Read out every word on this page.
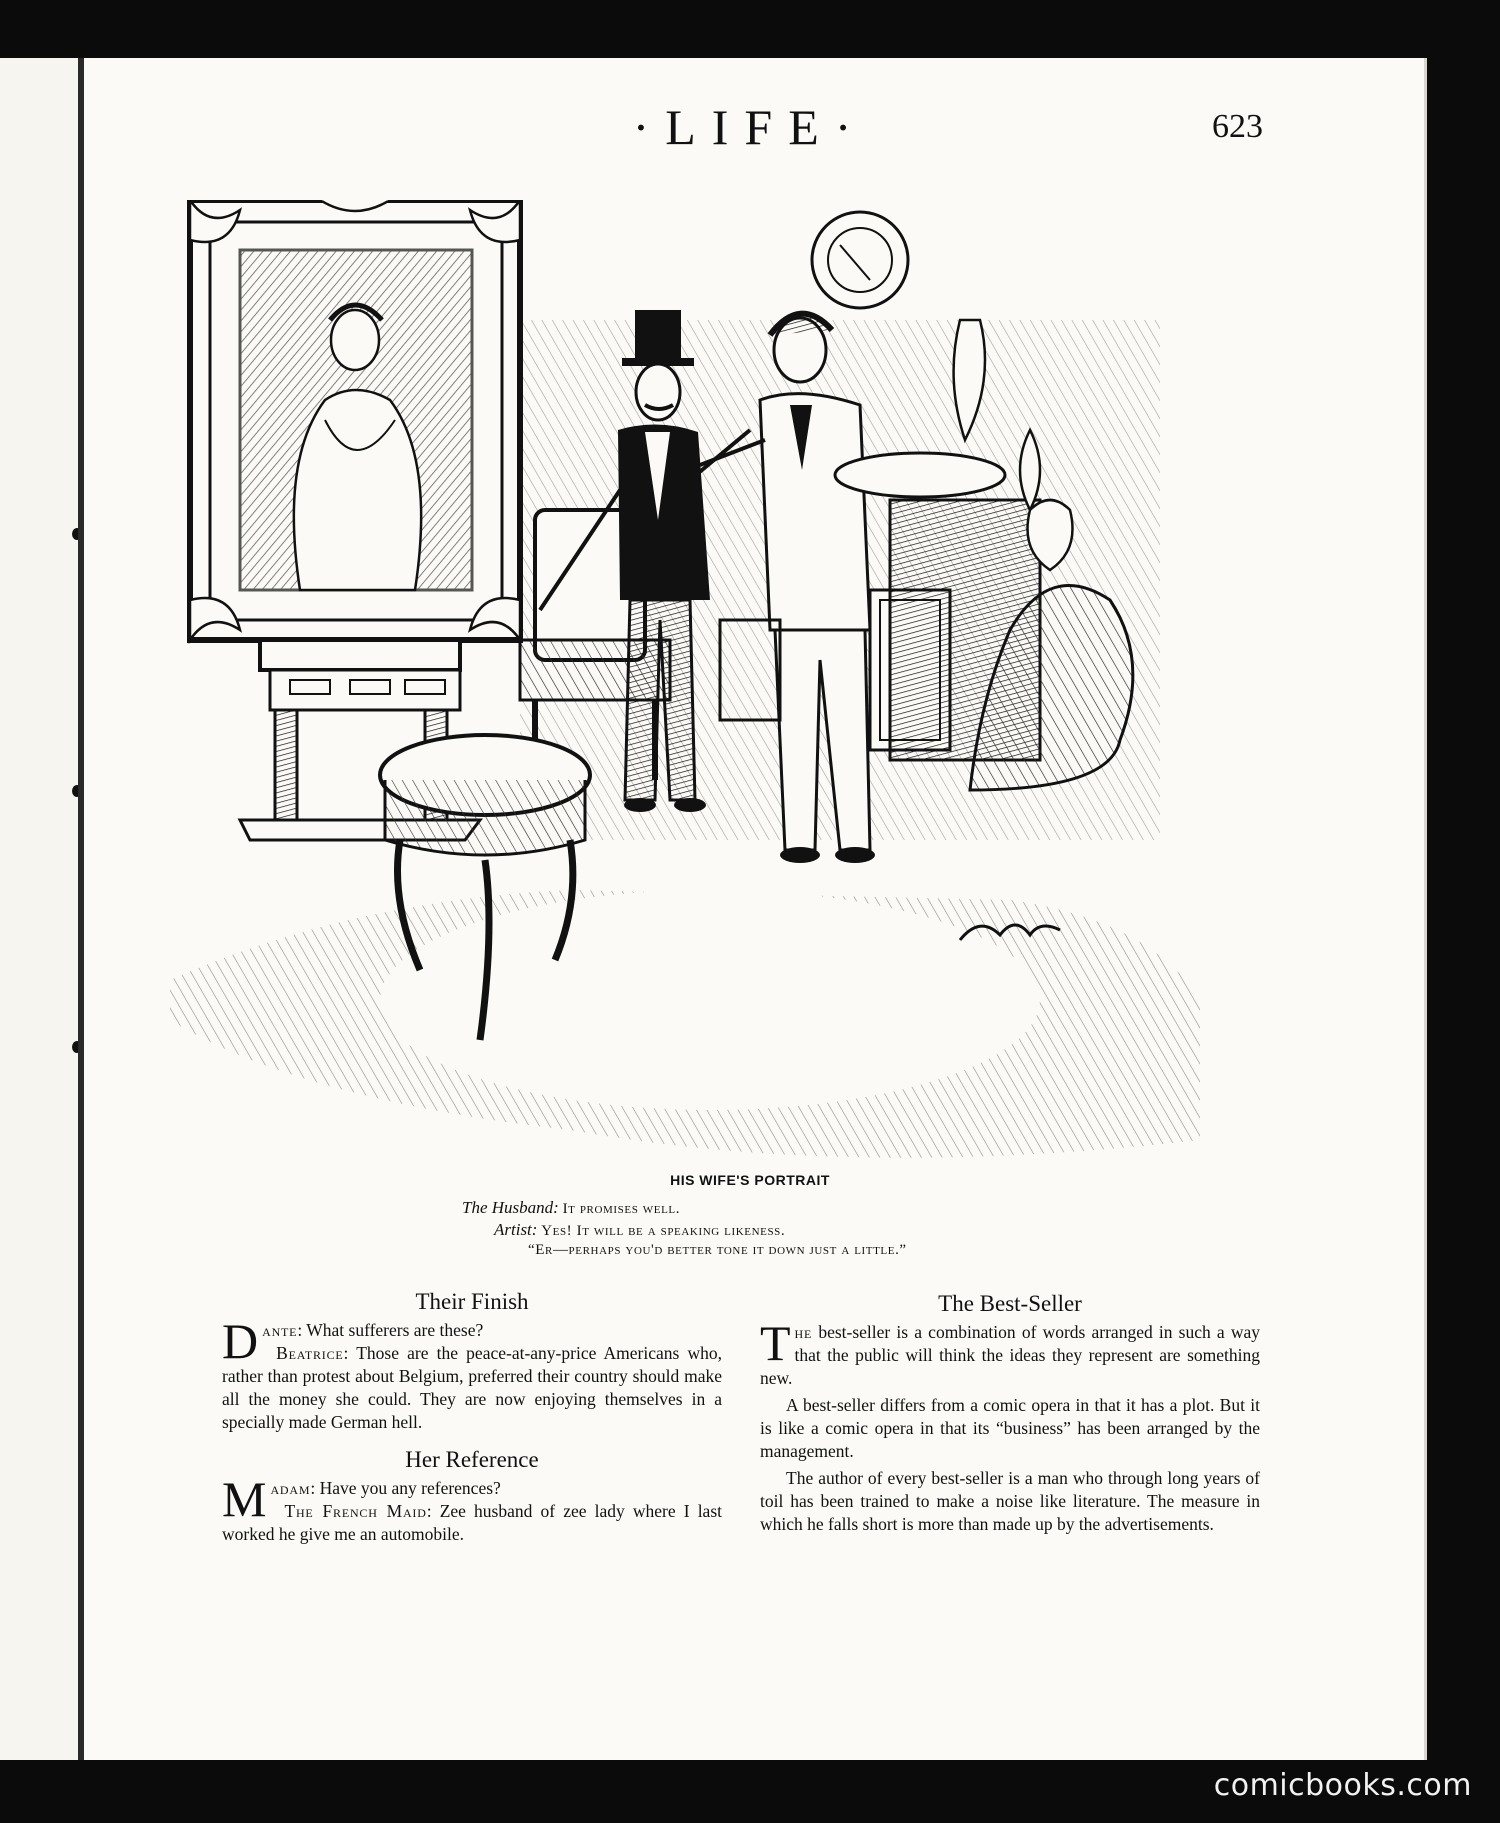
·LIFE·	623
HIS WIFE'S PORTRAIT
The Husband: It promises well.
Artist: Yes! It will be a speaking likeness.
“Er—perhaps you'd better tone it down just a little.”
Their Finish

Dante: What sufferers are these?
Beatrice: Those are the peace-at-any-price Americans who, rather than protest about Belgium, preferred their country should make all the money she could. They are now enjoying themselves in a specially made German hell.

Her Reference

Madam: Have you any references?
The French Maid: Zee husband of zee lady where I last worked he give me an automobile.

The Best-Seller

The best-seller is a combination of words arranged in such a way that the public will think the ideas they represent are something new.

A best-seller differs from a comic opera in that it has a plot. But it is like a comic opera in that its “business” has been arranged by the management.

The author of every best-seller is a man who through long years of toil has been trained to make a noise like literature. The measure in which he falls short is more than made up by the advertisements.

comicbooks.com
